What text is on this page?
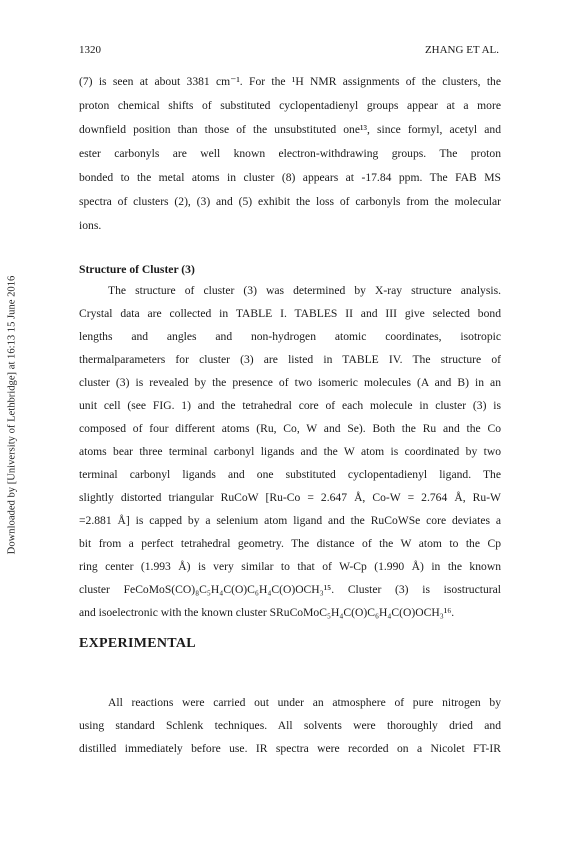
Downloaded by [University of Lethbridge] at 16:13 15 June 2016
1320	ZHANG ET AL.
(7) is seen at about 3381 cm⁻¹. For the ¹H NMR assignments of the clusters, the
proton chemical shifts of substituted cyclopentadienyl groups appear at a more
downfield position than those of the unsubstituted one¹³, since formyl, acetyl and
ester carbonyls are well known electron-withdrawing groups. The proton
bonded to the metal atoms in cluster (8) appears at -17.84 ppm. The FAB MS
spectra of clusters (2), (3) and (5) exhibit the loss of carbonyls from the molecular
ions.
Structure of Cluster (3)
The structure of cluster (3) was determined by X-ray structure analysis.
Crystal data are collected in TABLE I. TABLES II and III give selected bond
lengths and angles and non-hydrogen atomic coordinates, isotropic
thermalparameters for cluster (3) are listed in TABLE IV. The structure of
cluster (3) is revealed by the presence of two isomeric molecules (A and B) in an
unit cell (see FIG. 1) and the tetrahedral core of each molecule in cluster (3) is
composed of four different atoms (Ru, Co, W and Se). Both the Ru and the Co
atoms bear three terminal carbonyl ligands and the W atom is coordinated by two
terminal carbonyl ligands and one substituted cyclopentadienyl ligand. The
slightly distorted triangular RuCoW [Ru-Co = 2.647 Å, Co-W = 2.764 Å, Ru-W
=2.881 Å] is capped by a selenium atom ligand and the RuCoWSe core deviates a
bit from a perfect tetrahedral geometry. The distance of the W atom to the Cp
ring center (1.993 Å) is very similar to that of W-Cp (1.990 Å) in the known
cluster FeCoMoS(CO)₈C₅H₄C(O)C₆H₄C(O)OCH₃¹⁵. Cluster (3) is isostructural
and isoelectronic with the known cluster SRuCoMoC₅H₄C(O)C₆H₄C(O)OCH₃¹⁶.
EXPERIMENTAL
All reactions were carried out under an atmosphere of pure nitrogen by
using standard Schlenk techniques. All solvents were thoroughly dried and
distilled immediately before use. IR spectra were recorded on a Nicolet FT-IR
